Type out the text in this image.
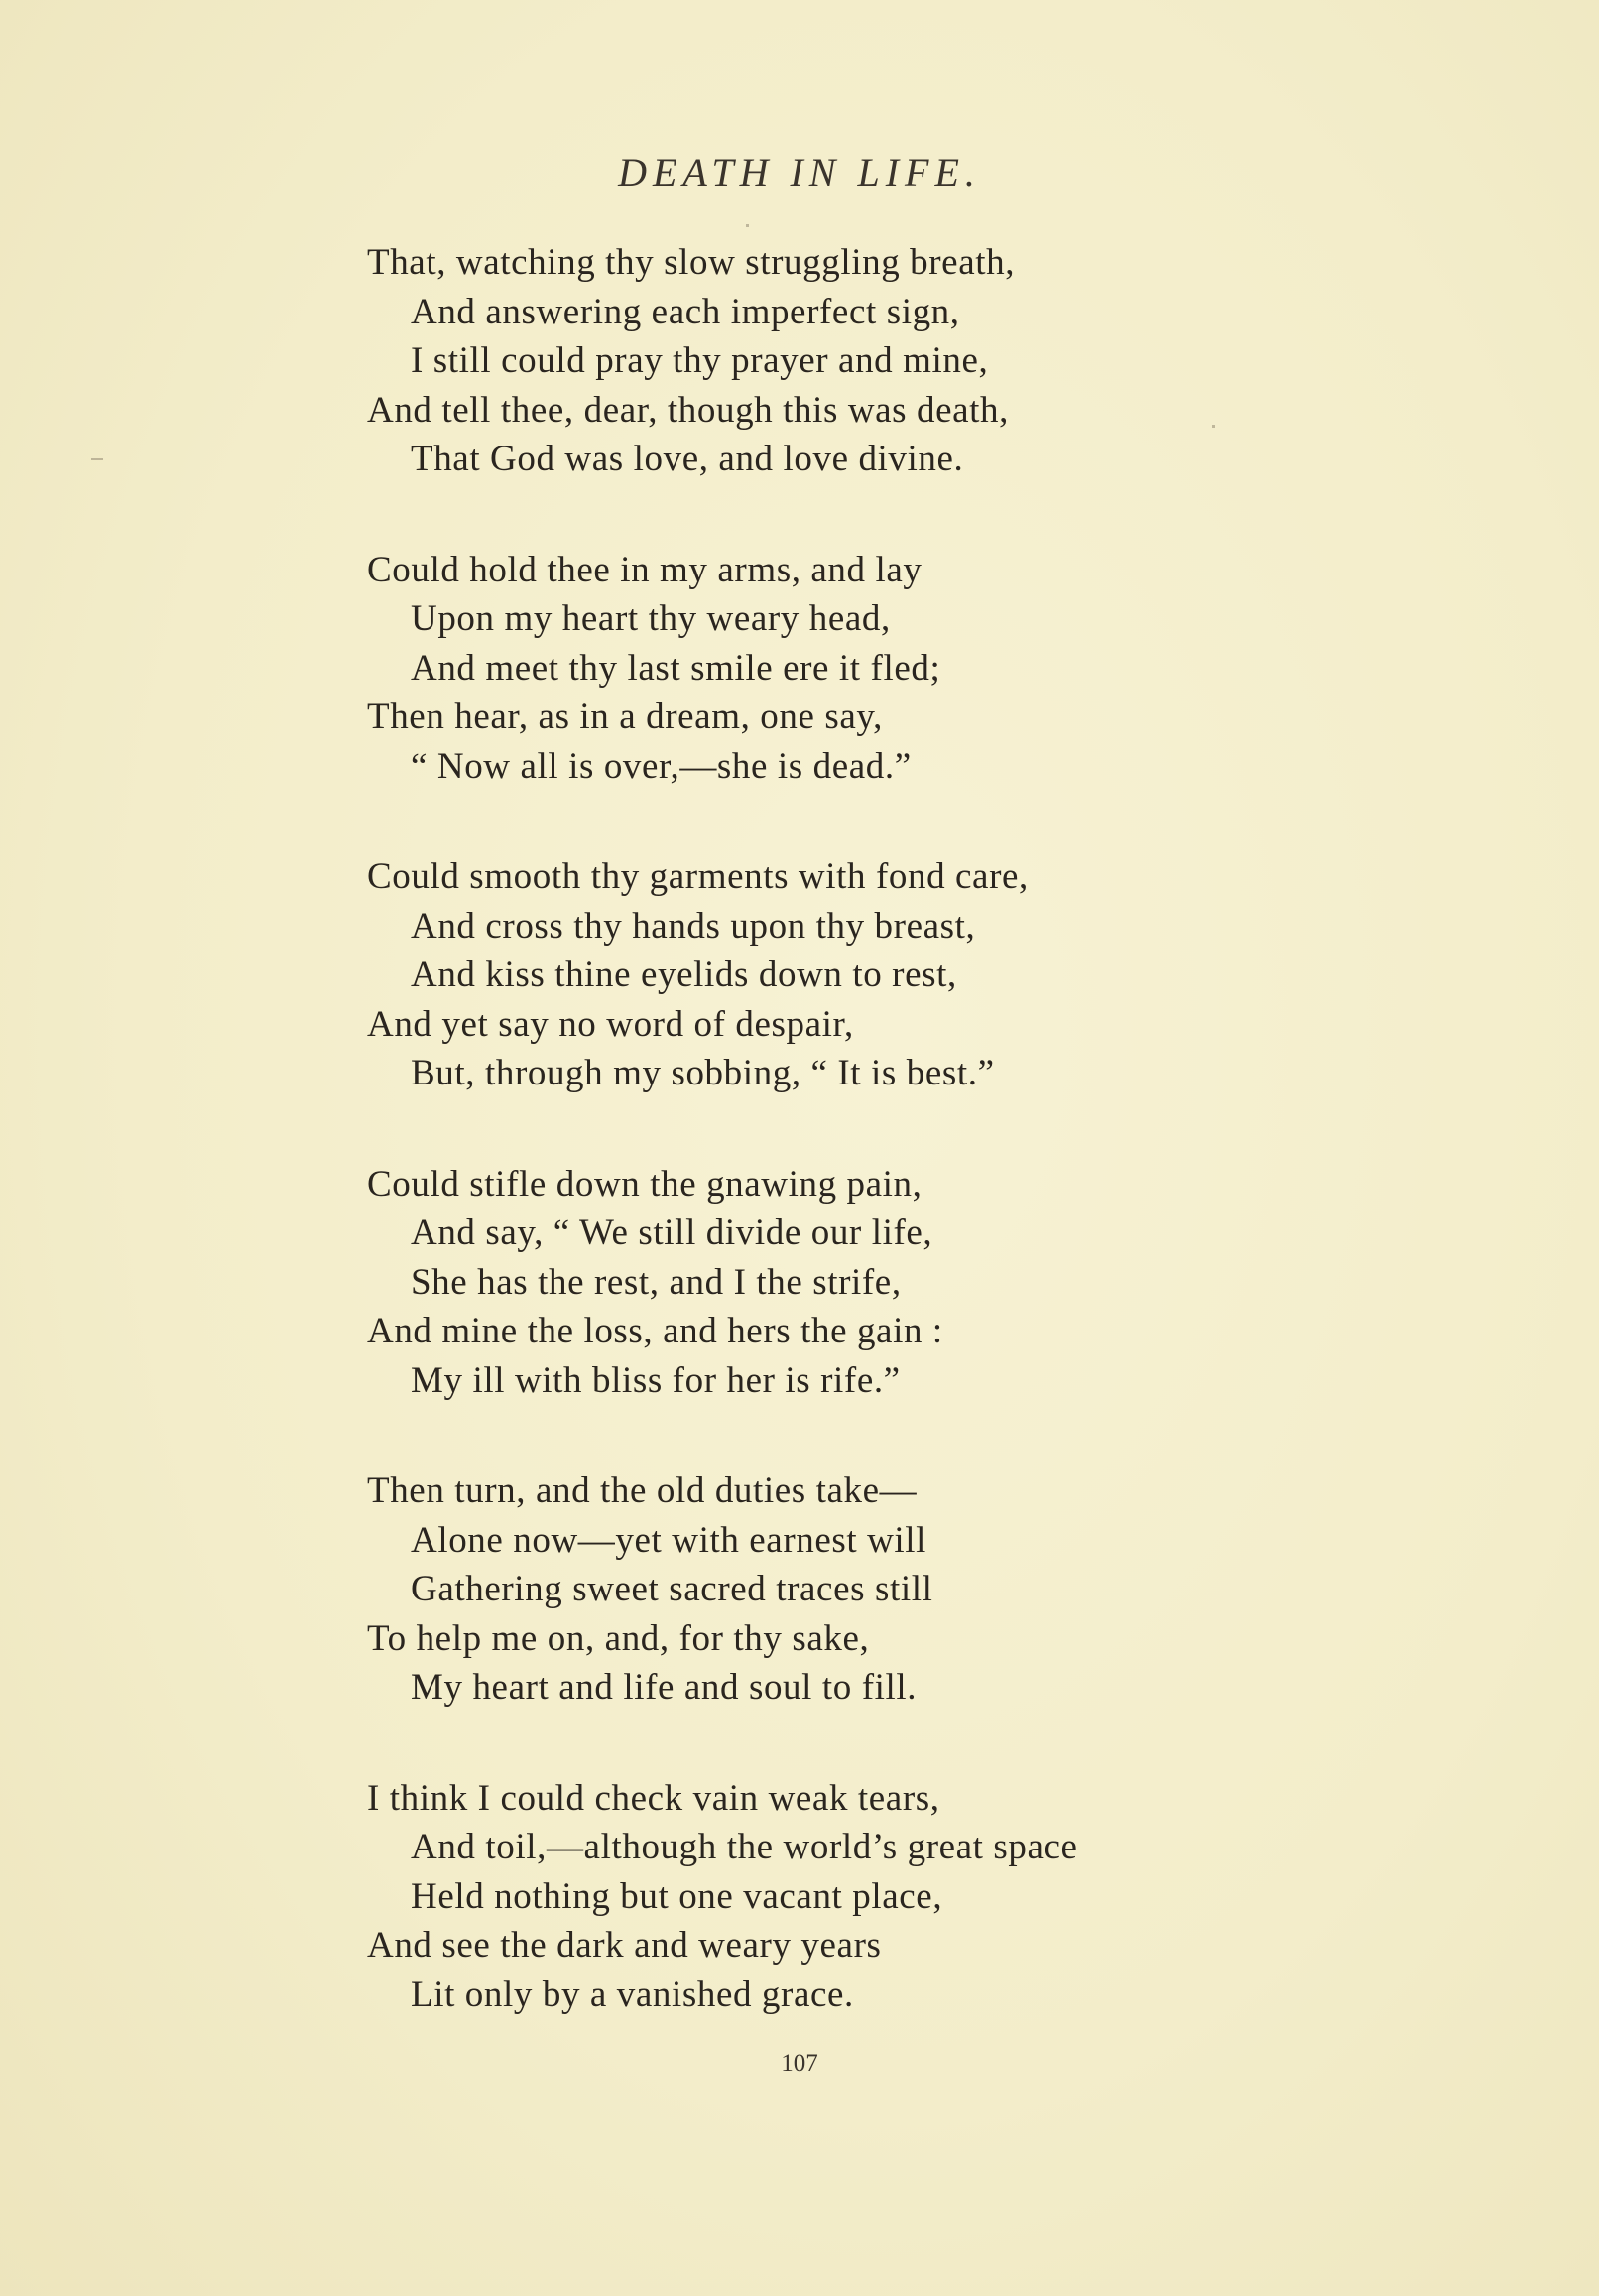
DEATH IN LIFE.
That, watching thy slow struggling breath,
And answering each imperfect sign,
I still could pray thy prayer and mine,
And tell thee, dear, though this was death,
That God was love, and love divine.
Could hold thee in my arms, and lay
Upon my heart thy weary head,
And meet thy last smile ere it fled;
Then hear, as in a dream, one say,
“ Now all is over,—she is dead.”
Could smooth thy garments with fond care,
And cross thy hands upon thy breast,
And kiss thine eyelids down to rest,
And yet say no word of despair,
But, through my sobbing, “ It is best.”
Could stifle down the gnawing pain,
And say, “ We still divide our life,
She has the rest, and I the strife,
And mine the loss, and hers the gain :
My ill with bliss for her is rife.”
Then turn, and the old duties take—
Alone now—yet with earnest will
Gathering sweet sacred traces still
To help me on, and, for thy sake,
My heart and life and soul to fill.
I think I could check vain weak tears,
And toil,—although the world’s great space
Held nothing but one vacant place,
And see the dark and weary years
Lit only by a vanished grace.
107
